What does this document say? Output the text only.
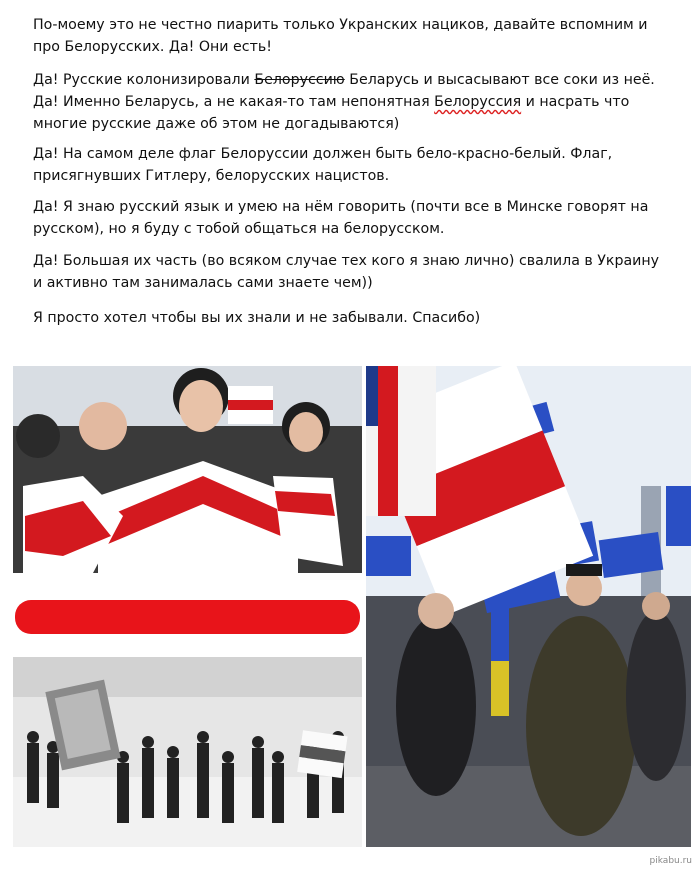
По-моему это не честно пиарить только Укранских нациков, давайте вспомним и про Белорусских. Да! Они есть!
Да! Русские колонизировали Белоруссию Беларусь и высасывают все соки из неё. Да! Именно Беларусь, а не какая-то там непонятная Белоруссия и насрать что многие русские даже об этом не догадываются)
Да! На самом деле флаг Белоруссии должен быть бело-красно-белый. Флаг, присягнувших Гитлеру, белорусских нацистов.
Да! Я знаю русский язык и умею на нём говорить (почти все в Минске говорят на русском), но я буду с тобой общаться на белорусском.
Да! Большая их часть (во всяком случае тех кого я знаю лично) свалила в Украину и активно там занималась сами знаете чем))
Я просто хотел чтобы вы их знали и не забывали. Спасибо)
pikabu.ru
